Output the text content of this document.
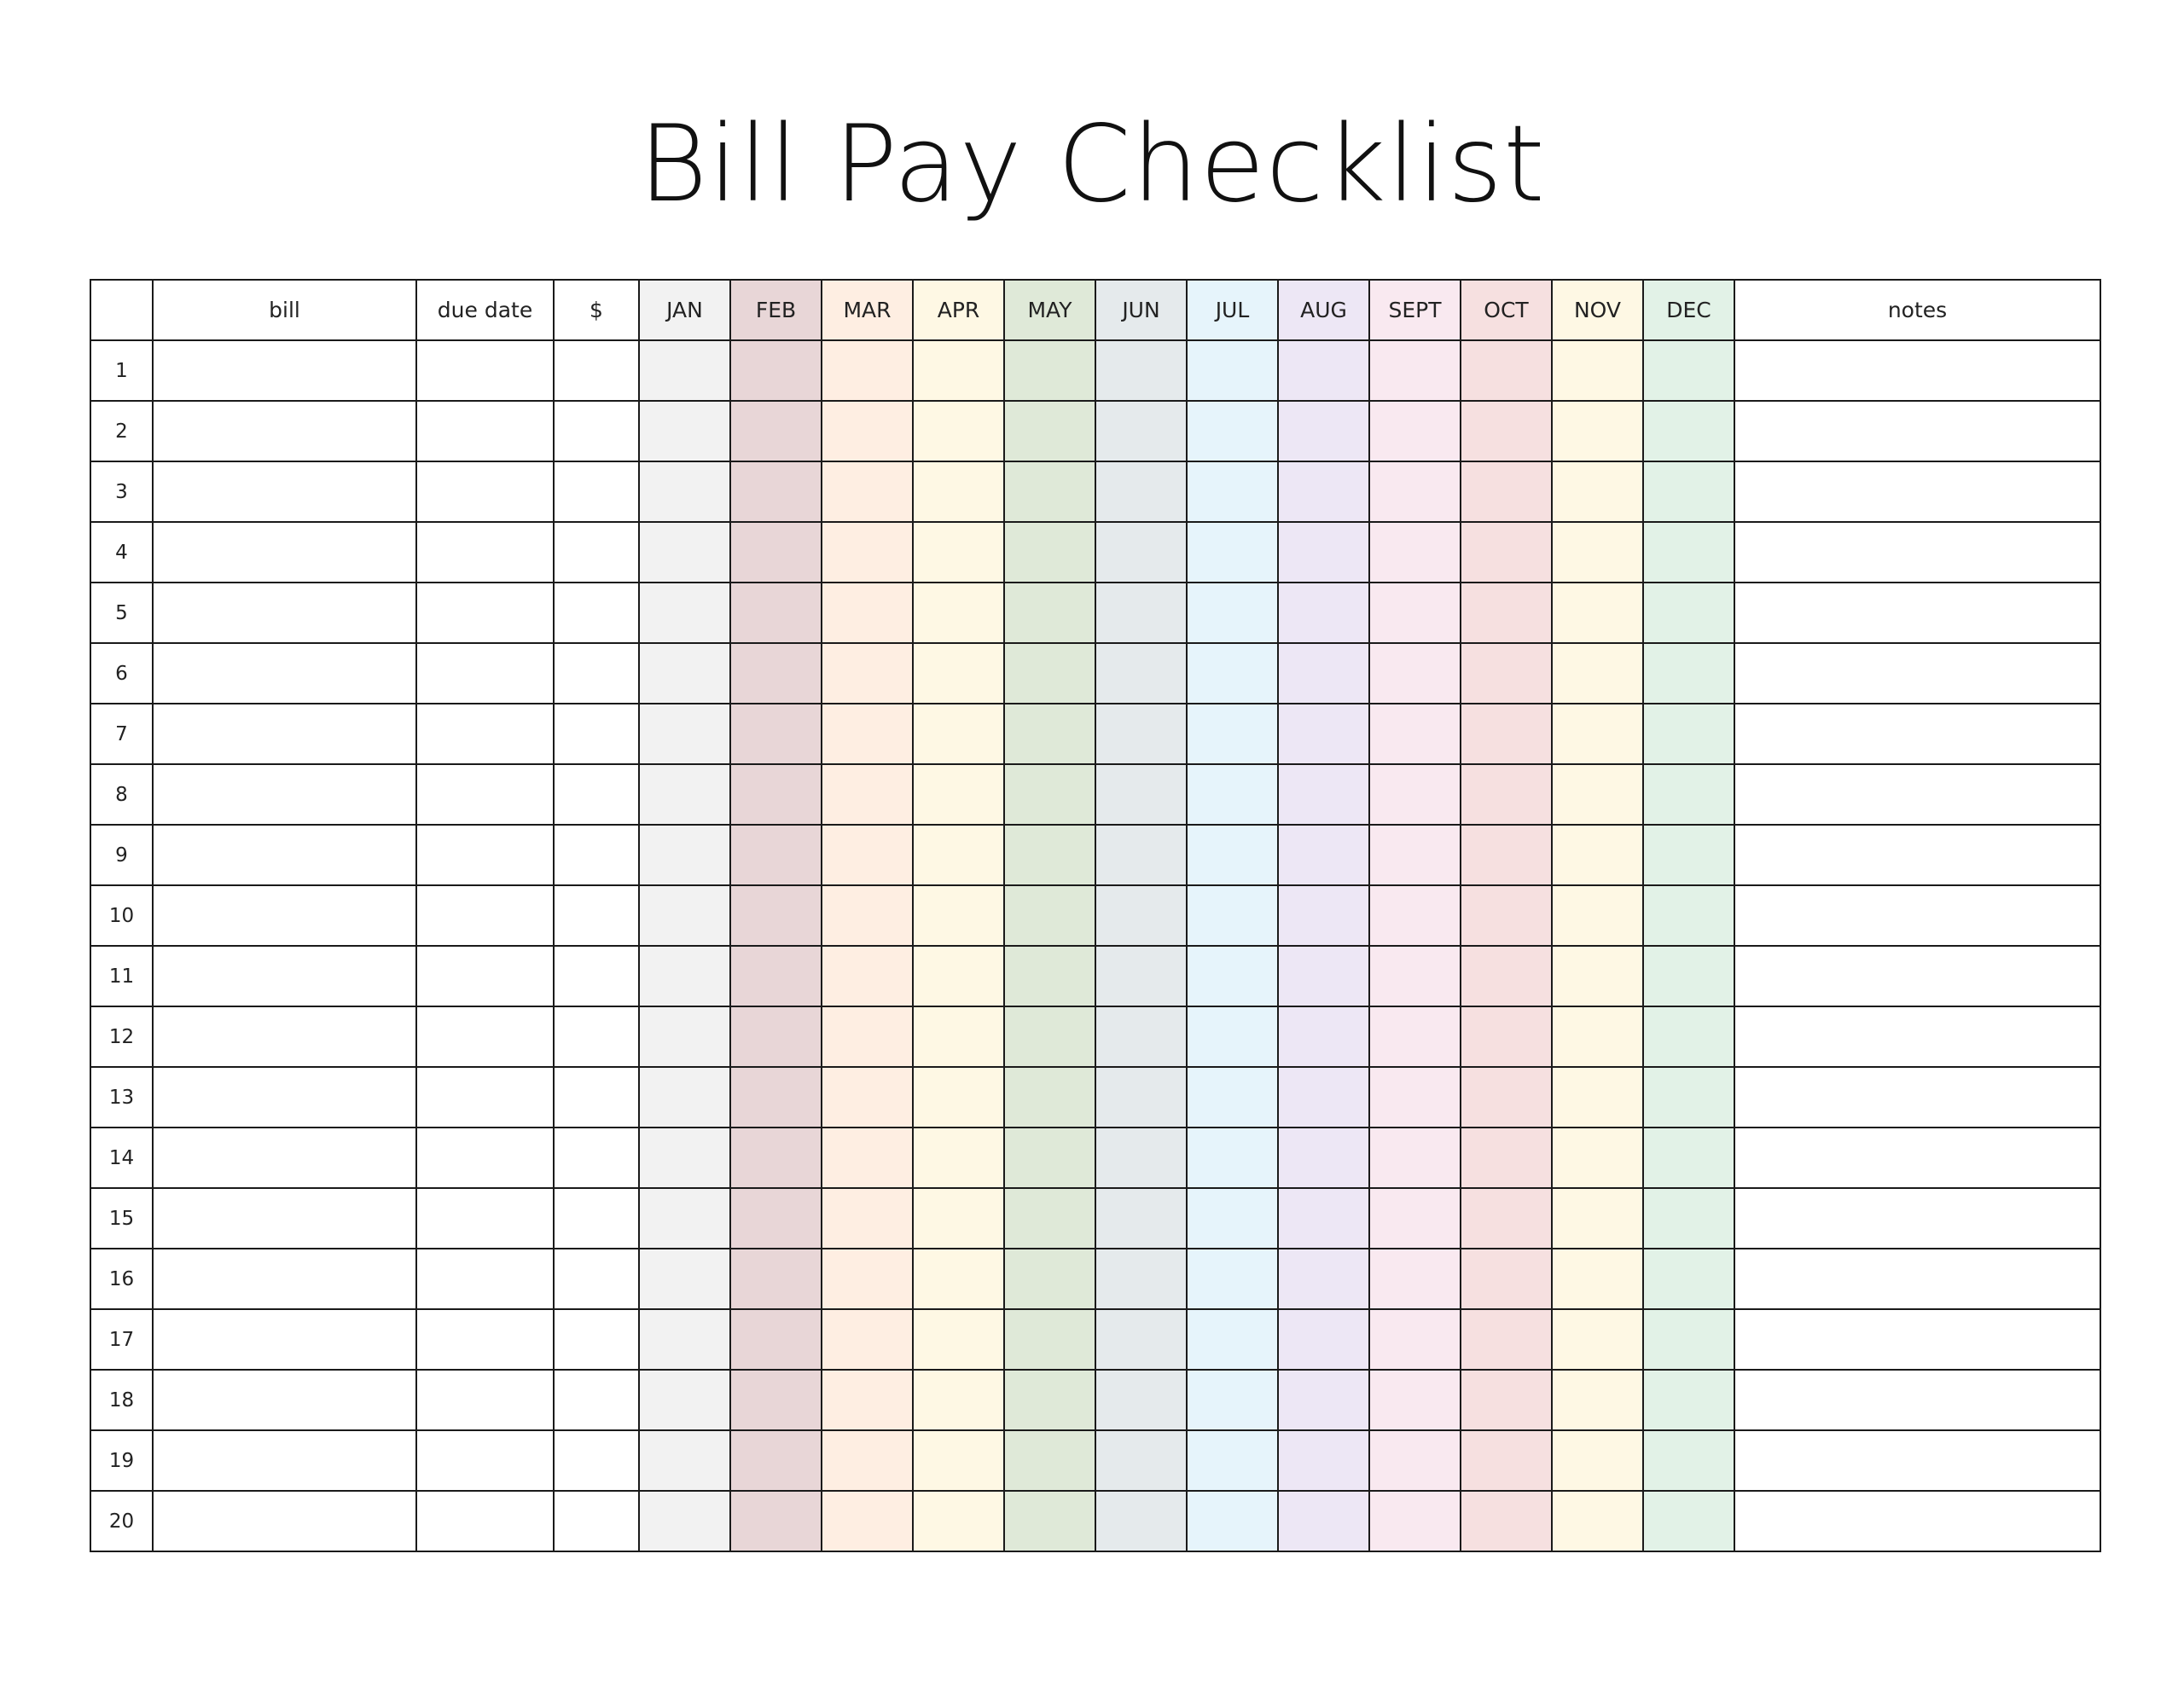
Bill Pay Checklist
	bill	due date	$	JAN	FEB	MAR	APR	MAY	JUN	JUL	AUG	SEPT	OCT	NOV	DEC	notes
1																
2																
3																
4																
5																
6																
7																
8																
9																
10																
11																
12																
13																
14																
15																
16																
17																
18																
19																
20																
